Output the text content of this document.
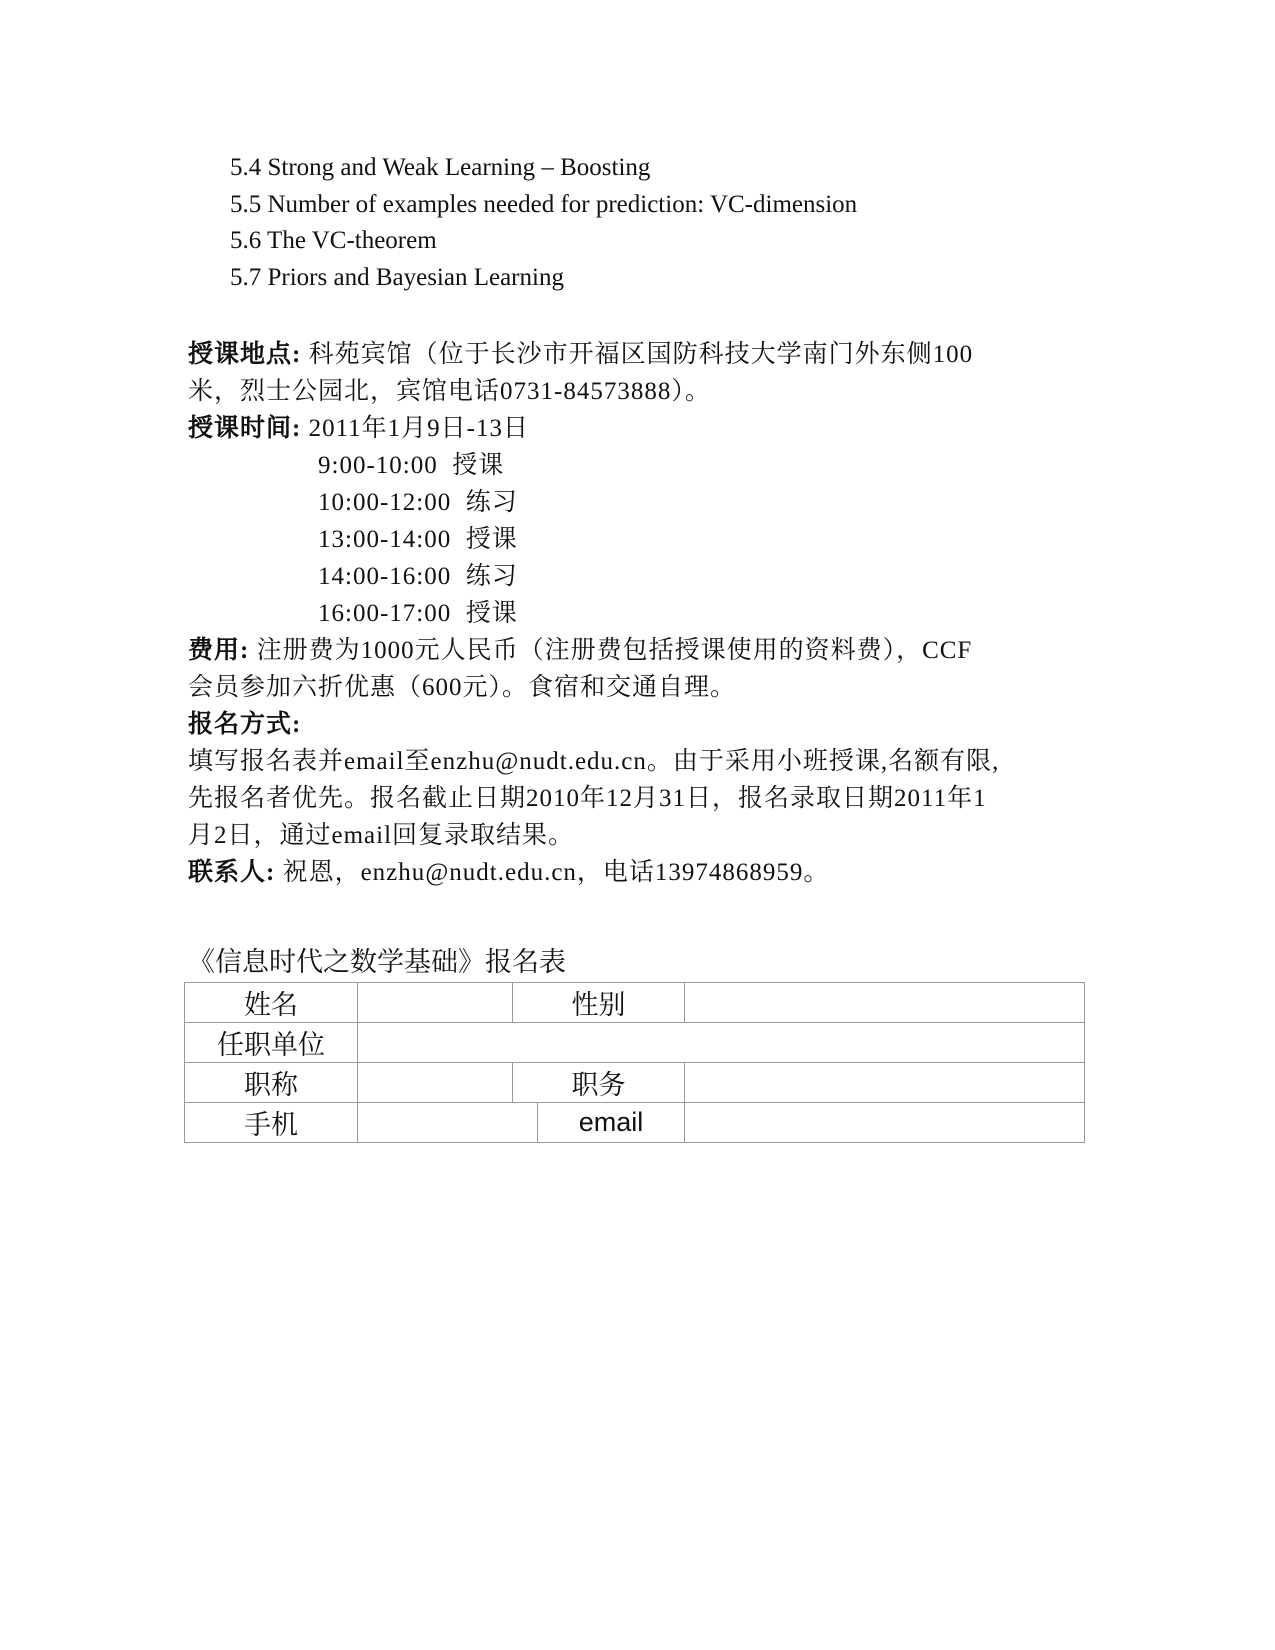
5.4 Strong and Weak Learning – Boosting
5.5 Number of examples needed for prediction: VC-dimension
5.6 The VC-theorem
5.7 Priors and Bayesian Learning
授课地点: 科苑宾馆（位于长沙市开福区国防科技大学南门外东侧100
米，烈士公园北，宾馆电话0731-84573888）。
授课时间: 2011年1月9日-13日
9:00-10:00  授课
10:00-12:00  练习
13:00-14:00  授课
14:00-16:00  练习
16:00-17:00  授课
费用: 注册费为1000元人民币（注册费包括授课使用的资料费），CCF
会员参加六折优惠（600元）。食宿和交通自理。
报名方式:
填写报名表并email至enzhu@nudt.edu.cn。由于采用小班授课,名额有限,
先报名者优先。报名截止日期2010年12月31日，报名录取日期2011年1
月2日，通过email回复录取结果。
联系人: 祝恩，enzhu@nudt.edu.cn，电话13974868959。
《信息时代之数学基础》报名表
姓名		性别		
任职单位				
职称		职务		
手机			email	
